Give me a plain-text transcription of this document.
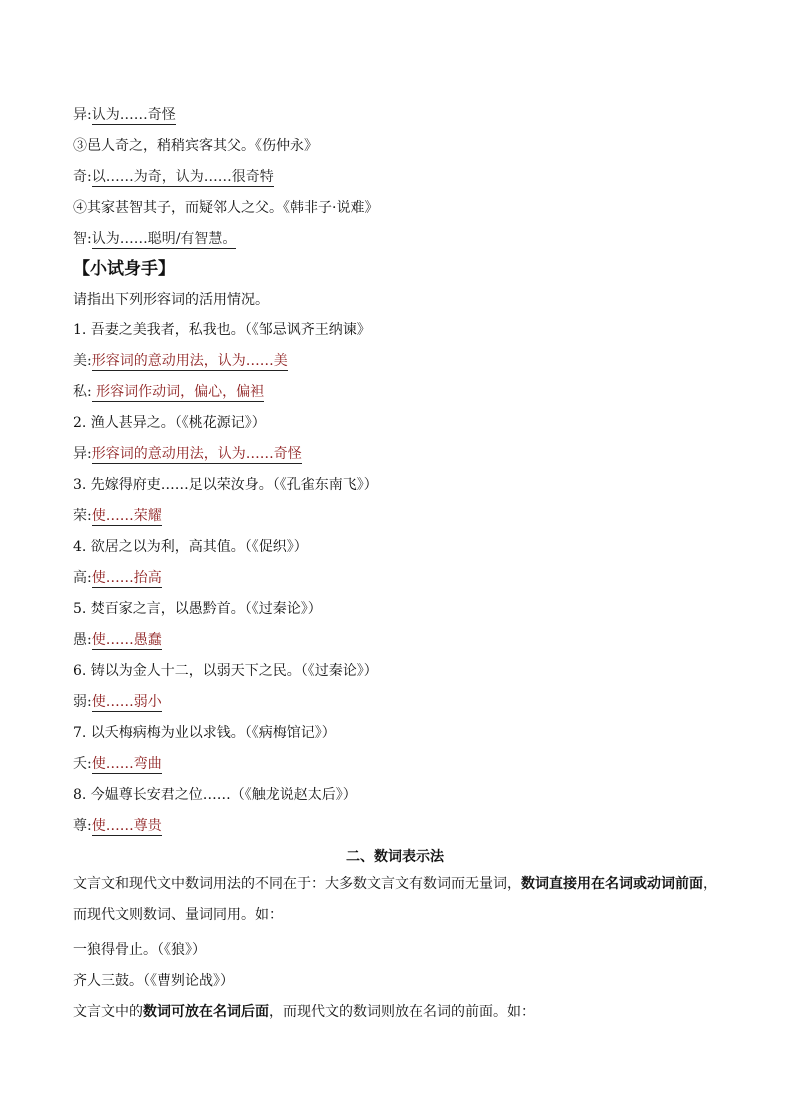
异:认为……奇怪
③邑人奇之，稍稍宾客其父。《伤仲永》
奇:以……为奇，认为……很奇特
④其家甚智其子，而疑邻人之父。《韩非子·说难》
智:认为……聪明/有智慧。
【小试身手】
请指出下列形容词的活用情况。
1. 吾妻之美我者，私我也。（《邹忌讽齐王纳谏》
美:形容词的意动用法，认为……美
私: 形容词作动词，偏心，偏袒
2. 渔人甚异之。（《桃花源记》）
异:形容词的意动用法，认为……奇怪
3. 先嫁得府吏……足以荣汝身。（《孔雀东南飞》）
荣:使……荣耀
4. 欲居之以为利，高其值。（《促织》）
高:使……抬高
5. 焚百家之言，以愚黔首。（《过秦论》）
愚:使……愚蠢
6. 铸以为金人十二，以弱天下之民。（《过秦论》）
弱:使……弱小
7. 以夭梅病梅为业以求钱。（《病梅馆记》）
夭:使……弯曲
8. 今媪尊长安君之位……（《触龙说赵太后》）
尊:使……尊贵
二、数词表示法
文言文和现代文中数词用法的不同在于：大多数文言文有数词而无量词，数词直接用在名词或动词前面，而现代文则数词、量词同用。如：
一狼得骨止。（《狼》）
齐人三鼓。（《曹刿论战》）
文言文中的数词可放在名词后面，而现代文的数词则放在名词的前面。如：
